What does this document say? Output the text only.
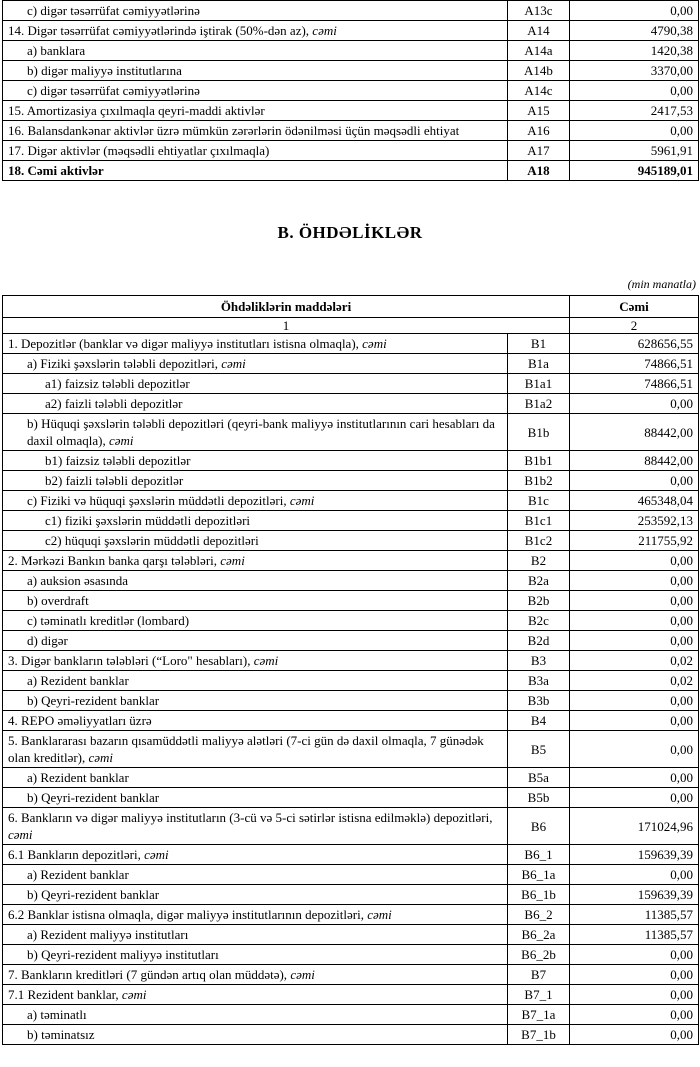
c) digər təsərrüfat cəmiyyətlərinə	A13c	0,00
14. Digər təsərrüfat cəmiyyətlərində iştirak (50%-dən az), cəmi	A14	4790,38
a) banklara	A14a	1420,38
b) digər maliyyə institutlarına	A14b	3370,00
c) digər təsərrüfat cəmiyyətlərinə	A14c	0,00
15. Amortizasiya çıxılmaqla qeyri-maddi aktivlər	A15	2417,53
16. Balansdankənar aktivlər üzrə mümkün zərərlərin ödənilməsi üçün məqsədli ehtiyat	A16	0,00
17. Digər aktivlər (məqsədli ehtiyatlar çıxılmaqla)	A17	5961,91
18. Cəmi aktivlər	A18	945189,01
B. ÖHDƏLİKLƏR
(min manatla)
Öhdəliklərin maddələri		Cəmi
1		2
1. Depozitlər (banklar və digər maliyyə institutları istisna olmaqla), cəmi	B1	628656,55
a) Fiziki şəxslərin tələbli depozitləri, cəmi	B1a	74866,51
a1) faizsiz tələbli depozitlər	B1a1	74866,51
a2) faizli tələbli depozitlər	B1a2	0,00
b) Hüquqi şəxslərin tələbli depozitləri (qeyri-bank maliyyə institutlarının cari hesabları da daxil olmaqla), cəmi	B1b	88442,00
b1) faizsiz tələbli depozitlər	B1b1	88442,00
b2) faizli tələbli depozitlər	B1b2	0,00
c) Fiziki və hüquqi şəxslərin müddətli depozitləri, cəmi	B1c	465348,04
c1) fiziki şəxslərin müddətli depozitləri	B1c1	253592,13
c2) hüquqi şəxslərin müddətli depozitləri	B1c2	211755,92
2. Mərkəzi Bankın banka qarşı tələbləri, cəmi	B2	0,00
a) auksion əsasında	B2a	0,00
b) overdraft	B2b	0,00
c) təminatlı kreditlər (lombard)	B2c	0,00
d) digər	B2d	0,00
3. Digər bankların tələbləri (“Loro" hesabları), cəmi	B3	0,02
a) Rezident banklar	B3a	0,02
b) Qeyri-rezident banklar	B3b	0,00
4. REPO əməliyyatları üzrə	B4	0,00
5. Banklararası bazarın qısamüddətli maliyyə alətləri (7-ci gün də daxil olmaqla, 7 günədək olan kreditlər), cəmi	B5	0,00
a) Rezident banklar	B5a	0,00
b) Qeyri-rezident banklar	B5b	0,00
6. Bankların və digər maliyyə institutların (3-cü və 5-ci sətirlər istisna edilməklə) depozitləri, cəmi	B6	171024,96
6.1 Bankların depozitləri, cəmi	B6_1	159639,39
a) Rezident banklar	B6_1a	0,00
b) Qeyri-rezident banklar	B6_1b	159639,39
6.2 Banklar istisna olmaqla, digər maliyyə institutlarının depozitləri, cəmi	B6_2	11385,57
a) Rezident maliyyə institutları	B6_2a	11385,57
b) Qeyri-rezident maliyyə institutları	B6_2b	0,00
7. Bankların kreditləri (7 gündən artıq olan müddətə), cəmi	B7	0,00
7.1 Rezident banklar, cəmi	B7_1	0,00
a) təminatlı	B7_1a	0,00
b) təminatsız	B7_1b	0,00
